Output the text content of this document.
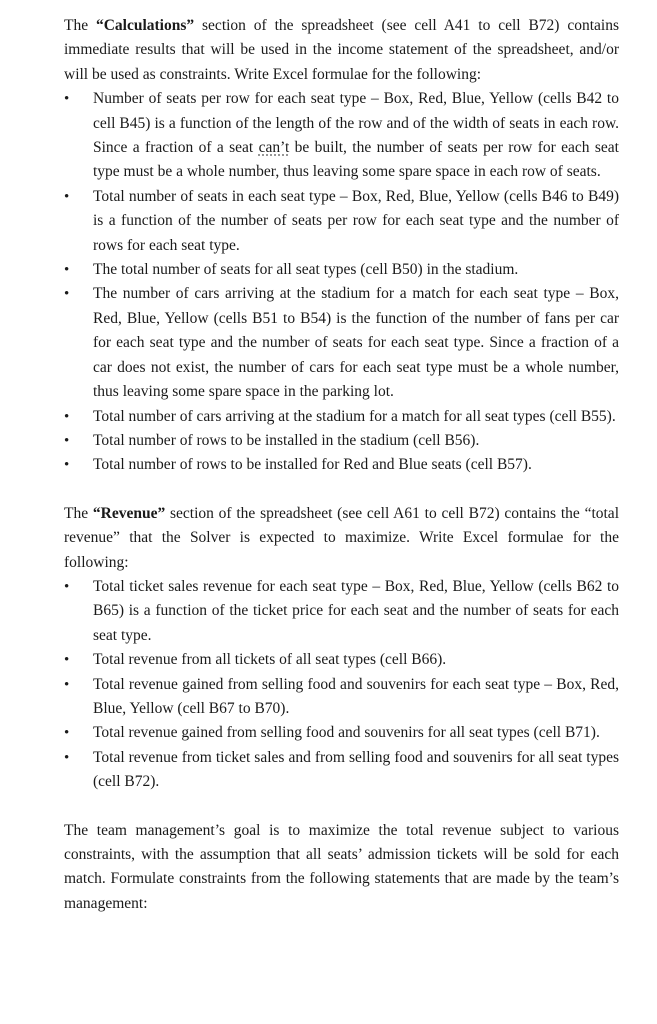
The “Calculations” section of the spreadsheet (see cell A41 to cell B72) contains immediate results that will be used in the income statement of the spreadsheet, and/or will be used as constraints. Write Excel formulae for the following:

• Number of seats per row for each seat type – Box, Red, Blue, Yellow (cells B42 to cell B45) is a function of the length of the row and of the width of seats in each row. Since a fraction of a seat can’t be built, the number of seats per row for each seat type must be a whole number, thus leaving some spare space in each row of seats.
• Total number of seats in each seat type – Box, Red, Blue, Yellow (cells B46 to B49) is a function of the number of seats per row for each seat type and the number of rows for each seat type.
• The total number of seats for all seat types (cell B50) in the stadium.
• The number of cars arriving at the stadium for a match for each seat type – Box, Red, Blue, Yellow (cells B51 to B54) is the function of the number of fans per car for each seat type and the number of seats for each seat type. Since a fraction of a car does not exist, the number of cars for each seat type must be a whole number, thus leaving some spare space in the parking lot.
• Total number of cars arriving at the stadium for a match for all seat types (cell B55).
• Total number of rows to be installed in the stadium (cell B56).
• Total number of rows to be installed for Red and Blue seats (cell B57).

The “Revenue” section of the spreadsheet (see cell A61 to cell B72) contains the “total revenue” that the Solver is expected to maximize. Write Excel formulae for the following:

• Total ticket sales revenue for each seat type – Box, Red, Blue, Yellow (cells B62 to B65) is a function of the ticket price for each seat and the number of seats for each seat type.
• Total revenue from all tickets of all seat types (cell B66).
• Total revenue gained from selling food and souvenirs for each seat type – Box, Red, Blue, Yellow (cell B67 to B70).
• Total revenue gained from selling food and souvenirs for all seat types (cell B71).
• Total revenue from ticket sales and from selling food and souvenirs for all seat types (cell B72).

The team management’s goal is to maximize the total revenue subject to various constraints, with the assumption that all seats’ admission tickets will be sold for each match. Formulate constraints from the following statements that are made by the team’s management:
